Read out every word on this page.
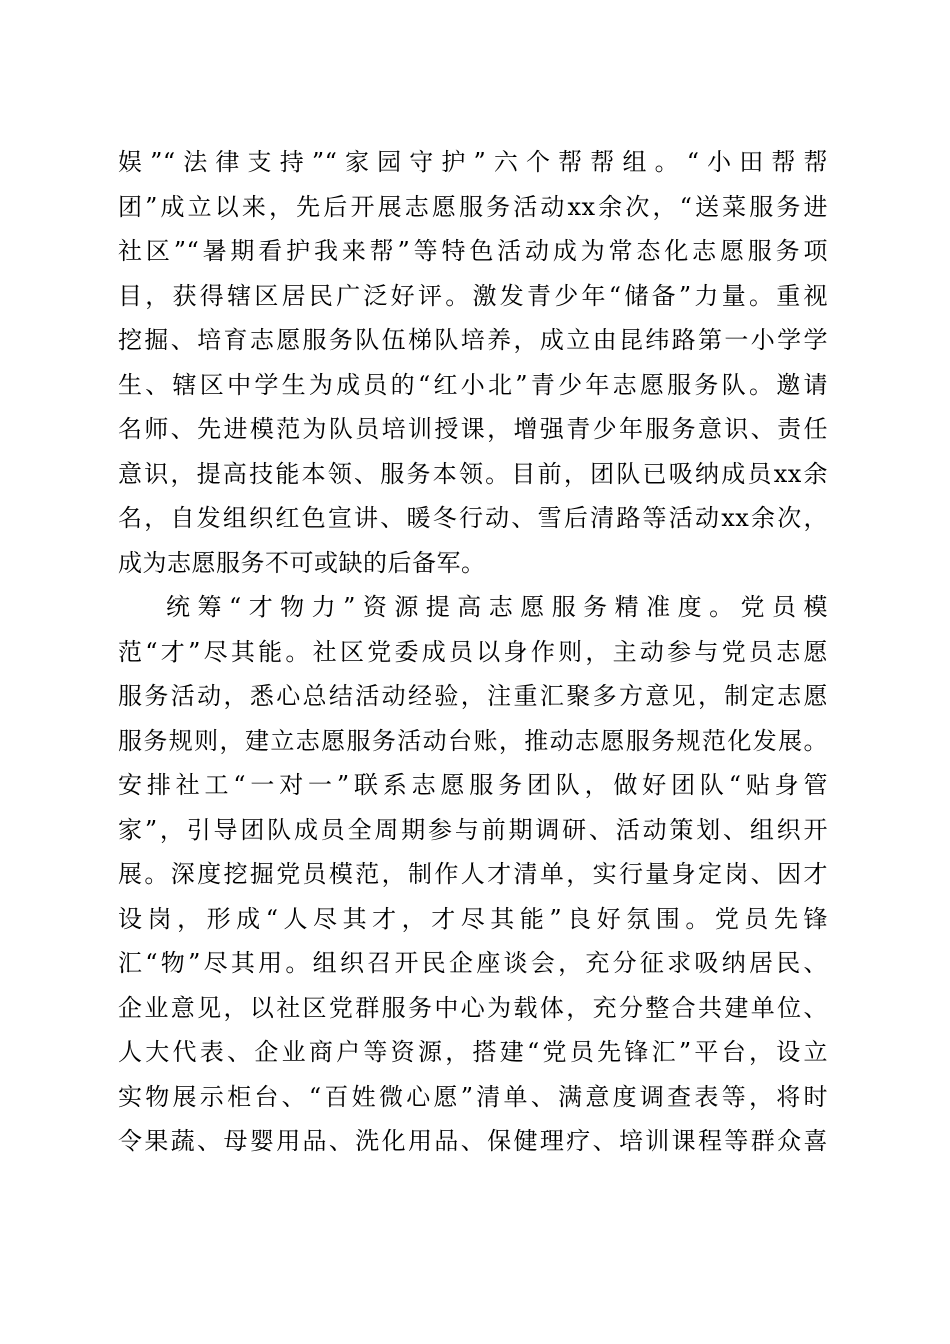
娱”“法律支持”“家园守护”六个帮帮组。“小田帮帮
团”成立以来，先后开展志愿服务活动xx余次，“送菜服务进
社区”“暑期看护我来帮”等特色活动成为常态化志愿服务项
目，获得辖区居民广泛好评。激发青少年“储备”力量。重视
挖掘、培育志愿服务队伍梯队培养，成立由昆纬路第一小学学
生、辖区中学生为成员的“红小北”青少年志愿服务队。邀请
名师、先进模范为队员培训授课，增强青少年服务意识、责任
意识，提高技能本领、服务本领。目前，团队已吸纳成员xx余
名，自发组织红色宣讲、暖冬行动、雪后清路等活动xx余次，
成为志愿服务不可或缺的后备军。
统筹“才物力”资源提高志愿服务精准度。党员模
范“才”尽其能。社区党委成员以身作则，主动参与党员志愿
服务活动，悉心总结活动经验，注重汇聚多方意见，制定志愿
服务规则，建立志愿服务活动台账，推动志愿服务规范化发展。
安排社工“一对一”联系志愿服务团队，做好团队“贴身管
家”，引导团队成员全周期参与前期调研、活动策划、组织开
展。深度挖掘党员模范，制作人才清单，实行量身定岗、因才
设岗，形成“人尽其才，才尽其能”良好氛围。党员先锋
汇“物”尽其用。组织召开民企座谈会，充分征求吸纳居民、
企业意见，以社区党群服务中心为载体，充分整合共建单位、
人大代表、企业商户等资源，搭建“党员先锋汇”平台，设立
实物展示柜台、“百姓微心愿”清单、满意度调查表等，将时
令果蔬、母婴用品、洗化用品、保健理疗、培训课程等群众喜
